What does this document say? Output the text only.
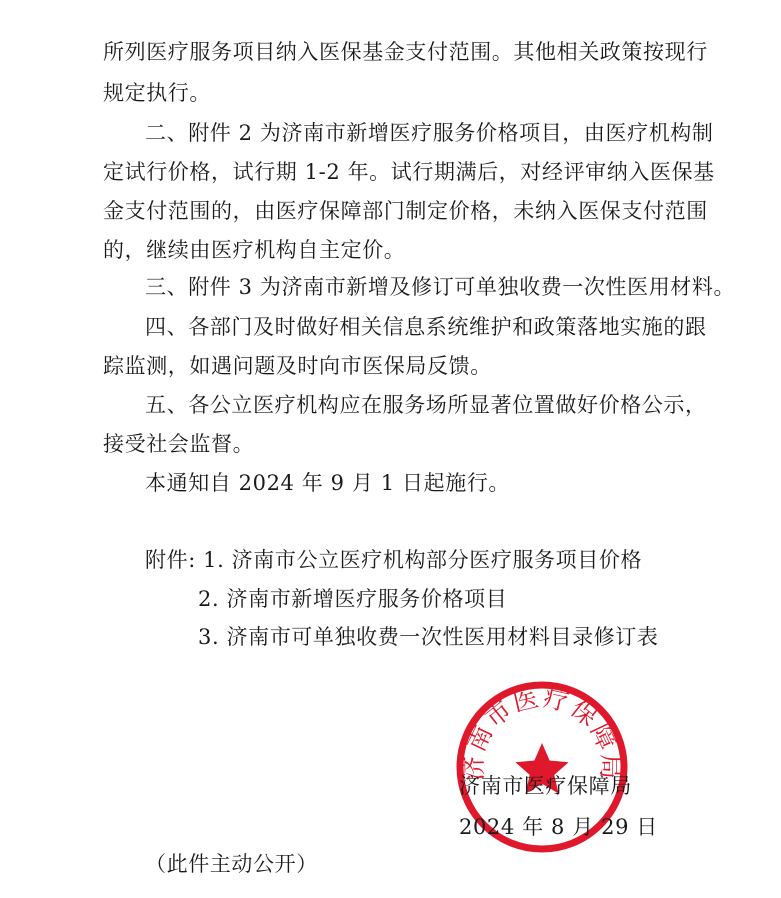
所列医疗服务项目纳入医保基金支付范围。其他相关政策按现行
规定执行。
二、附件 2 为济南市新增医疗服务价格项目，由医疗机构制
定试行价格，试行期 1-2 年。试行期满后，对经评审纳入医保基
金支付范围的，由医疗保障部门制定价格，未纳入医保支付范围
的，继续由医疗机构自主定价。
三、附件 3 为济南市新增及修订可单独收费一次性医用材料。
四、各部门及时做好相关信息系统维护和政策落地实施的跟
踪监测，如遇问题及时向市医保局反馈。
五、各公立医疗机构应在服务场所显著位置做好价格公示，
接受社会监督。
本通知自 2024 年 9 月 1 日起施行。
附件: 1. 济南市公立医疗机构部分医疗服务项目价格
2. 济南市新增医疗服务价格项目
3. 济南市可单独收费一次性医用材料目录修订表
济南市医疗保障局
济南市医疗保障局
2024 年 8 月 29 日
（此件主动公开）
